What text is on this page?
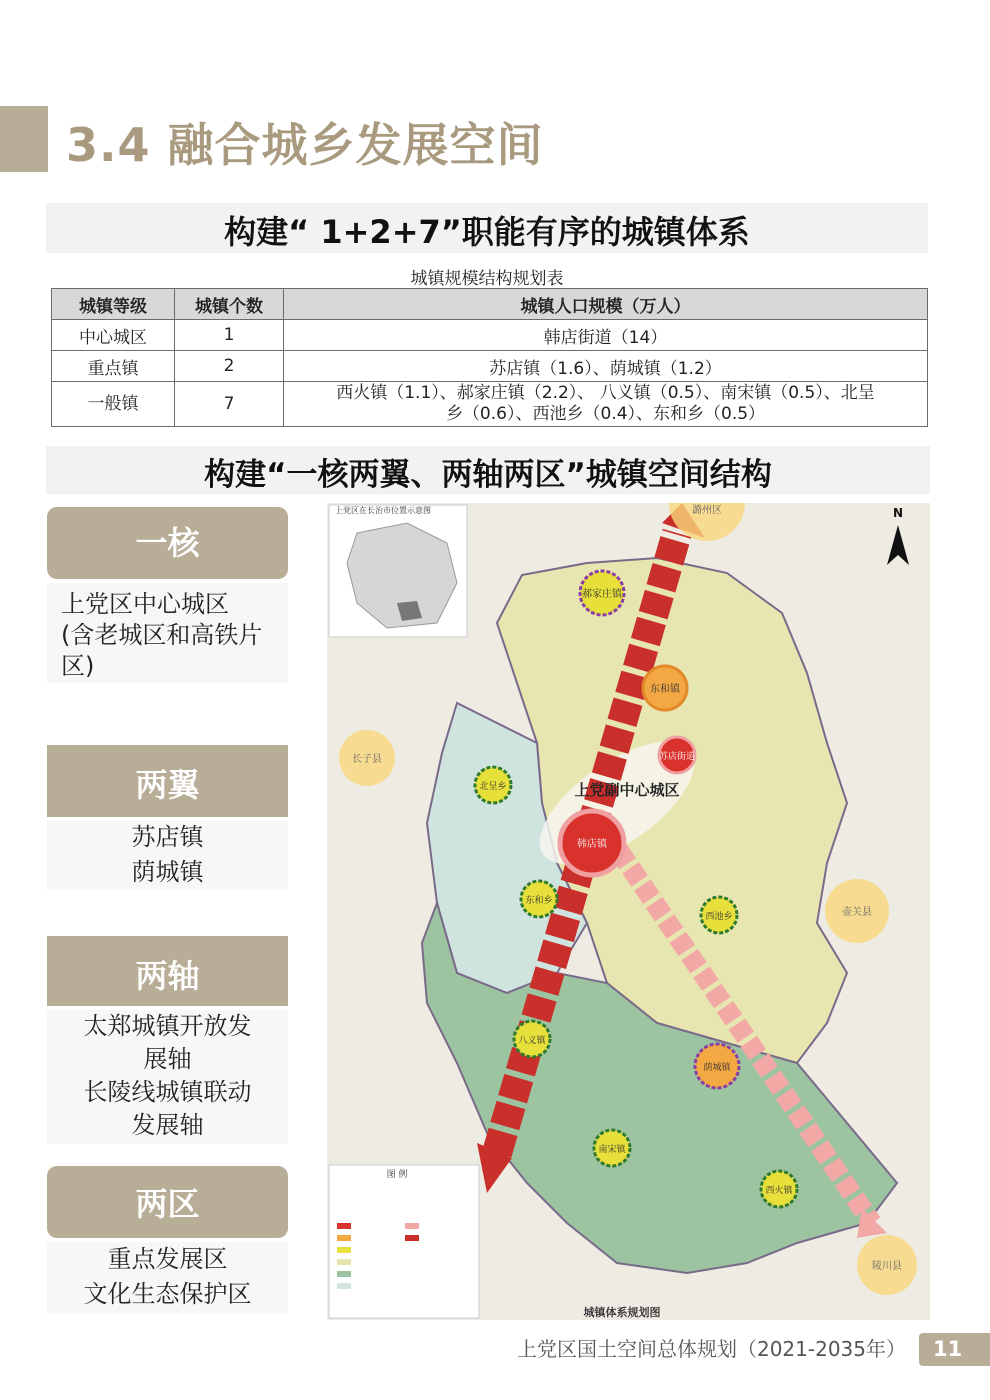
3.4 融合城乡发展空间
构建“ 1+2+7”职能有序的城镇体系
城镇规模结构规划表
城镇等级	城镇个数	城镇人口规模（万人）
中心城区	1	韩店街道（14）
重点镇	2	苏店镇（1.6）、荫城镇（1.2）
一般镇	7	西火镇（1.1）、郝家庄镇（2.2）、 八义镇（0.5）、南宋镇（0.5）、北呈
乡（0.6）、西池乡（0.4）、东和乡（0.5）
构建“一核两翼、两轴两区”城镇空间结构
一核
上党区中心城区
(含老城区和高铁片
区)
两翼
苏店镇
荫城镇
两轴
太郑城镇开放发
展轴
长陵线城镇联动
发展轴
两区
重点发展区
文化生态保护区
潞州区
长子县
壶关县
陵川县
郝家庄镇
东和镇
苏店街道
北呈乡
韩店镇
东和乡
西池乡
八义镇
荫城镇
南宋镇
西火镇
上党副中心城区
上党区在长治市位置示意图	N
图 例
城镇体系规划图
上党区国土空间总体规划（2021-2035年）	11
